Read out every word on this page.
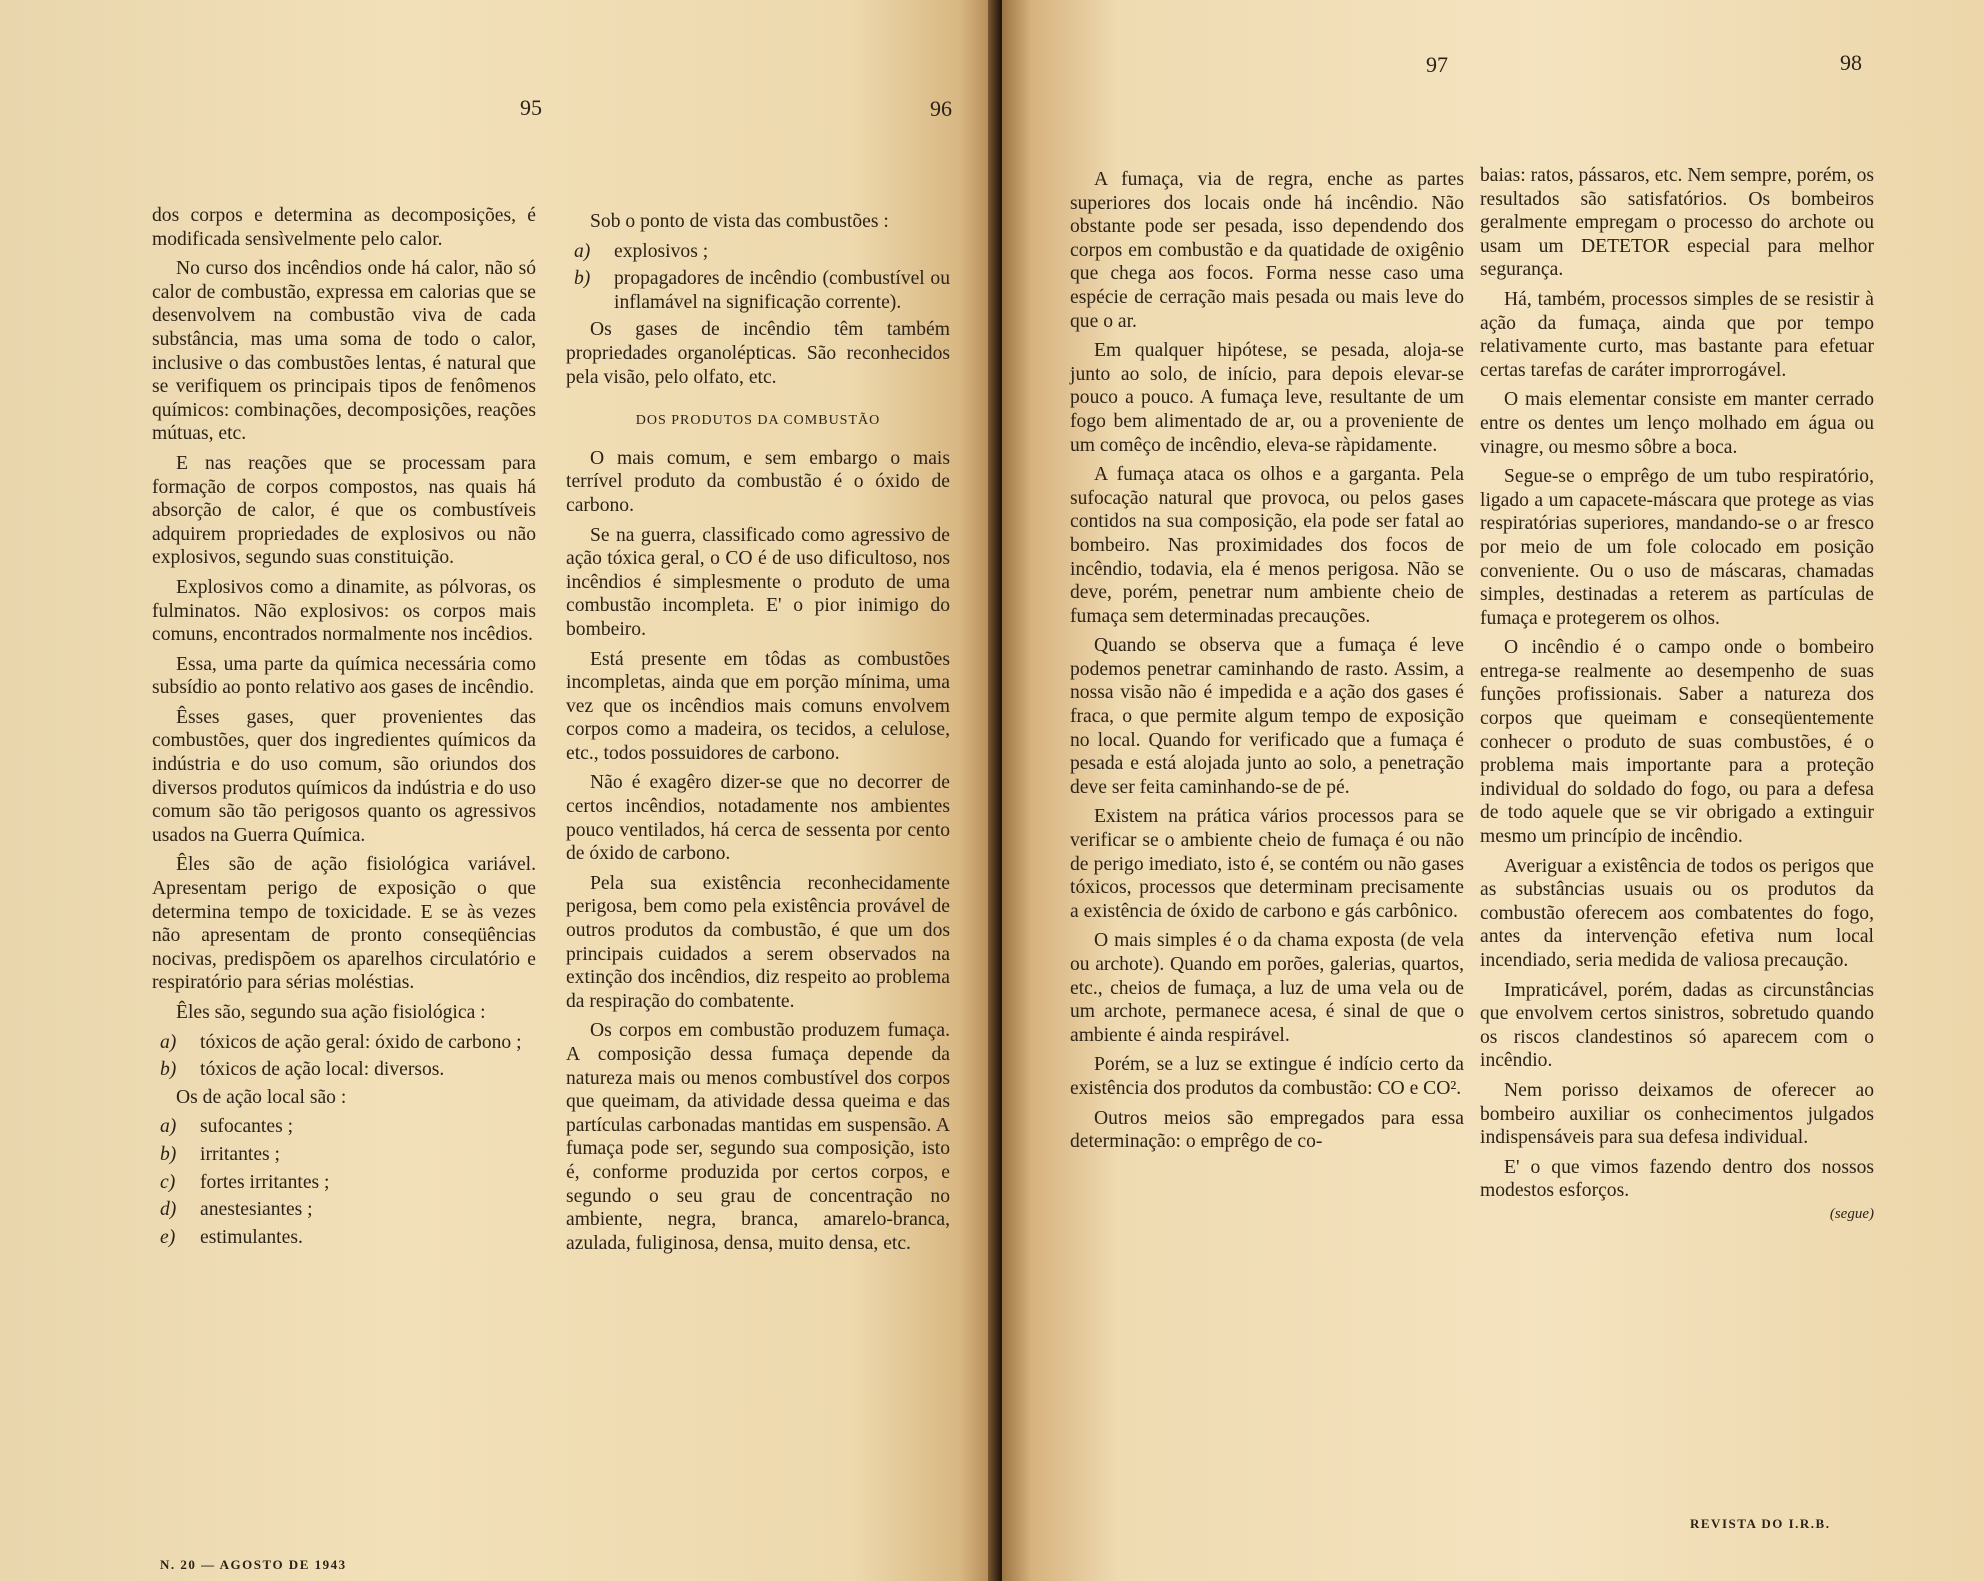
95	96

dos corpos e determina as decomposições, é modificada sensìvelmente pelo calor.

No curso dos incêndios onde há calor, não só calor de combustão, expressa em calorias que se desenvolvem na combustão viva de cada substância, mas uma soma de todo o calor, inclusive o das combustões lentas, é natural que se verifiquem os principais tipos de fenômenos químicos: combinações, decomposições, reações mútuas, etc.

E nas reações que se processam para formação de corpos compostos, nas quais há absorção de calor, é que os combustíveis adquirem propriedades de explosivos ou não explosivos, segundo suas constituição.

Explosivos como a dinamite, as pólvoras, os fulminatos. Não explosivos: os corpos mais comuns, encontrados normalmente nos incêdios.

Essa, uma parte da química necessária como subsídio ao ponto relativo aos gases de incêndio.

Êsses gases, quer provenientes das combustões, quer dos ingredientes químicos da indústria e do uso comum, são oriundos dos diversos produtos químicos da indústria e do uso comum são tão perigosos quanto os agressivos usados na Guerra Química.

Êles são de ação fisiológica variável. Apresentam perigo de exposição o que determina tempo de toxicidade. E se às vezes não apresentam de pronto conseqüências nocivas, predispõem os aparelhos circulatório e respiratório para sérias moléstias.

Êles são, segundo sua ação fisiológica :

a) tóxicos de ação geral: óxido de carbono ;

b) tóxicos de ação local: diversos.

Os de ação local são :

a) sufocantes ;

b) irritantes ;

c) fortes irritantes ;

d) anestesiantes ;

e) estimulantes.

Sob o ponto de vista das combustões :

a) explosivos ;

b) propagadores de incêndio (combustível ou inflamável na significação corrente).

Os gases de incêndio têm também propriedades organolépticas. São reconhecidos pela visão, pelo olfato, etc.

DOS PRODUTOS DA COMBUSTÃO

O mais comum, e sem embargo o mais terrível produto da combustão é o óxido de carbono.

Se na guerra, classificado como agressivo de ação tóxica geral, o CO é de uso dificultoso, nos incêndios é simplesmente o produto de uma combustão incompleta. E' o pior inimigo do bombeiro.

Está presente em tôdas as combustões incompletas, ainda que em porção mínima, uma vez que os incêndios mais comuns envolvem corpos como a madeira, os tecidos, a celulose, etc., todos possuidores de carbono.

Não é exagêro dizer-se que no decorrer de certos incêndios, notadamente nos ambientes pouco ventilados, há cerca de sessenta por cento de óxido de carbono.

Pela sua existência reconhecidamente perigosa, bem como pela existência provável de outros produtos da combustão, é que um dos principais cuidados a serem observados na extinção dos incêndios, diz respeito ao problema da respiração do combatente.

Os corpos em combustão produzem fumaça. A composição dessa fumaça depende da natureza mais ou menos combustível dos corpos que queimam, da atividade dessa queima e das partículas carbonadas mantidas em suspensão. A fumaça pode ser, segundo sua composição, isto é, conforme produzida por certos corpos, e segundo o seu grau de concentração no ambiente, negra, branca, amarelo-branca, azulada, fuliginosa, densa, muito densa, etc.

N. 20 — AGOSTO DE 1943
97	98

A fumaça, via de regra, enche as partes superiores dos locais onde há incêndio. Não obstante pode ser pesada, isso dependendo dos corpos em combustão e da quatidade de oxigênio que chega aos focos. Forma nesse caso uma espécie de cerração mais pesada ou mais leve do que o ar.

Em qualquer hipótese, se pesada, aloja-se junto ao solo, de início, para depois elevar-se pouco a pouco. A fumaça leve, resultante de um fogo bem alimentado de ar, ou a proveniente de um comêço de incêndio, eleva-se ràpidamente.

A fumaça ataca os olhos e a garganta. Pela sufocação natural que provoca, ou pelos gases contidos na sua composição, ela pode ser fatal ao bombeiro. Nas proximidades dos focos de incêndio, todavia, ela é menos perigosa. Não se deve, porém, penetrar num ambiente cheio de fumaça sem determinadas precauções.

Quando se observa que a fumaça é leve podemos penetrar caminhando de rasto. Assim, a nossa visão não é impedida e a ação dos gases é fraca, o que permite algum tempo de exposição no local. Quando for verificado que a fumaça é pesada e está alojada junto ao solo, a penetração deve ser feita caminhando-se de pé.

Existem na prática vários processos para se verificar se o ambiente cheio de fumaça é ou não de perigo imediato, isto é, se contém ou não gases tóxicos, processos que determinam precisamente a existência de óxido de carbono e gás carbônico.

O mais simples é o da chama exposta (de vela ou archote). Quando em porões, galerias, quartos, etc., cheios de fumaça, a luz de uma vela ou de um archote, permanece acesa, é sinal de que o ambiente é ainda respirável.

Porém, se a luz se extingue é indício certo da existência dos produtos da combustão: CO e CO².

Outros meios são empregados para essa determinação: o emprêgo de co-

baias: ratos, pássaros, etc. Nem sempre, porém, os resultados são satisfatórios. Os bombeiros geralmente empregam o processo do archote ou usam um DETETOR especial para melhor segurança.

Há, também, processos simples de se resistir à ação da fumaça, ainda que por tempo relativamente curto, mas bastante para efetuar certas tarefas de caráter improrrogável.

O mais elementar consiste em manter cerrado entre os dentes um lenço molhado em água ou vinagre, ou mesmo sôbre a boca.

Segue-se o emprêgo de um tubo respiratório, ligado a um capacete-máscara que protege as vias respiratórias superiores, mandando-se o ar fresco por meio de um fole colocado em posição conveniente. Ou o uso de máscaras, chamadas simples, destinadas a reterem as partículas de fumaça e protegerem os olhos.

O incêndio é o campo onde o bombeiro entrega-se realmente ao desempenho de suas funções profissionais. Saber a natureza dos corpos que queimam e conseqüentemente conhecer o produto de suas combustões, é o problema mais importante para a proteção individual do soldado do fogo, ou para a defesa de todo aquele que se vir obrigado a extinguir mesmo um princípio de incêndio.

Averiguar a existência de todos os perigos que as substâncias usuais ou os produtos da combustão oferecem aos combatentes do fogo, antes da intervenção efetiva num local incendiado, seria medida de valiosa precaução.

Impraticável, porém, dadas as circunstâncias que envolvem certos sinistros, sobretudo quando os riscos clandestinos só aparecem com o incêndio.

Nem porisso deixamos de oferecer ao bombeiro auxiliar os conhecimentos julgados indispensáveis para sua defesa individual.

E' o que vimos fazendo dentro dos nossos modestos esforços.

(segue)

REVISTA DO I.R.B.
